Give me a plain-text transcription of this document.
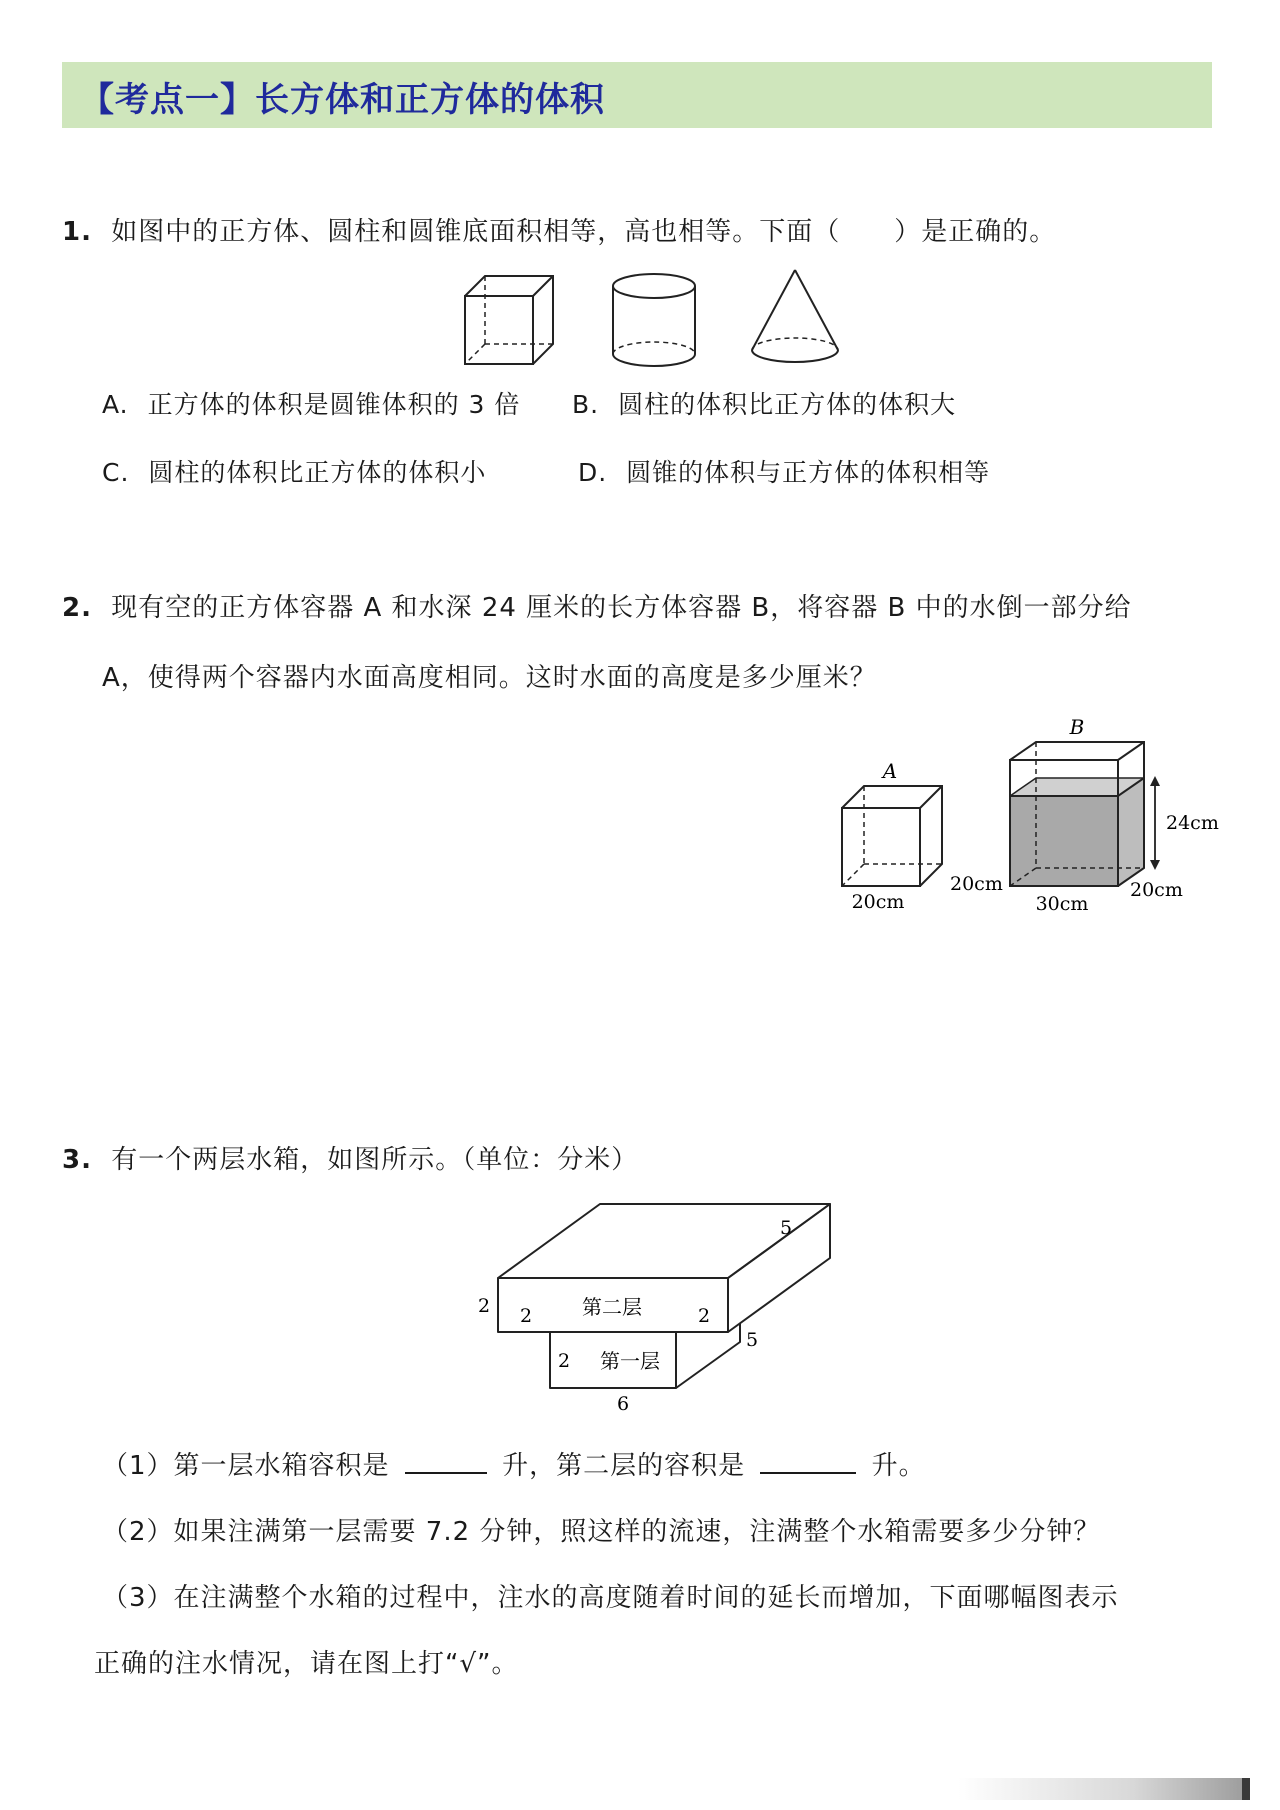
【考点一】长方体和正方体的体积
1. 如图中的正方体、圆柱和圆锥底面积相等，高也相等。下面（　　）是正确的。
A. 正方体的体积是圆锥体积的 3 倍 B. 圆柱的体积比正方体的体积大
C. 圆柱的体积比正方体的体积小	D. 圆锥的体积与正方体的体积相等
2. 现有空的正方体容器 A 和水深 24 厘米的长方体容器 B，将容器 B 中的水倒一部分给
A，使得两个容器内水面高度相同。这时水面的高度是多少厘米？
A
20cm
20cm
B
24cm
30cm
20cm
3. 有一个两层水箱，如图所示。（单位：分米）
5
2 2 第二层	2
5
2 第一层
6
（1）第一层水箱容积是	升，第二层的容积是	升。
（2）如果注满第一层需要 7.2 分钟，照这样的流速，注满整个水箱需要多少分钟？
（3）在注满整个水箱的过程中，注水的高度随着时间的延长而增加，下面哪幅图表示
正确的注水情况，请在图上打“√”。
